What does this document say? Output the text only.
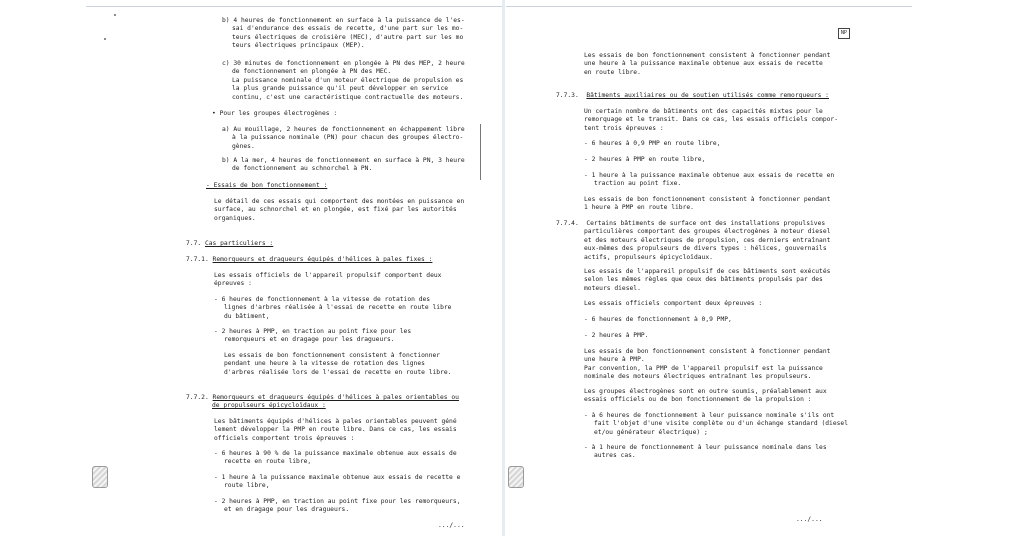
b) 4 heures de fonctionnement en surface à la puissance de l'es-
sai d'endurance des essais de recette, d'une part sur les mo-
teurs électriques de croisière (MEC), d'autre part sur les mo
teurs électriques principaux (MEP).
c) 30 minutes de fonctionnement en plongée à PN des MEP, 2 heure
de fonctionnement en plongée à PN des MEC.
La puissance nominale d'un moteur électrique de propulsion es
la plus grande puissance qu'il peut développer en service
continu, c'est une caractéristique contractuelle des moteurs.
• Pour les groupes électrogènes :
a) Au mouillage, 2 heures de fonctionnement en échappement libre
à la puissance nominale (PN) pour chacun des groupes électro-
gènes.
b) A la mer, 4 heures de fonctionnement en surface à PN, 3 heure
de fonctionnement au schnorchel à PN.
- Essais de bon fonctionnement :
Le détail de ces essais qui comportent des montées en puissance en
surface, au schnorchel et en plongée, est fixé par les autorités
organiques.
7.7. Cas particuliers :
7.7.1. Remorqueurs et dragueurs équipés d'hélices à pales fixes :
Les essais officiels de l'appareil propulsif comportent deux
épreuves :
- 6 heures de fonctionnement à la vitesse de rotation des
lignes d'arbres réalisée à l'essai de recette en route libre
du bâtiment,
- 2 heures à PMP, en traction au point fixe pour les
remorqueurs et en dragage pour les dragueurs.
Les essais de bon fonctionnement consistent à fonctionner
pendant une heure à la vitesse de rotation des lignes
d'arbres réalisée lors de l'essai de recette en route libre.
7.7.2. Remorqueurs et dragueurs équipés d'hélices à pales orientables ou
de propulseurs épicycloïdaux :
Les bâtiments équipés d'hélices à pales orientables peuvent géné
lement développer la PMP en route libre. Dans ce cas, les essais
officiels comportent trois épreuves :
- 6 heures à 90 % de la puissance maximale obtenue aux essais de
recette en route libre,
- 1 heure à la puissance maximale obtenue aux essais de recette e
route libre,
- 2 heures à PMP, en traction au point fixe pour les remorqueurs,
et en dragage pour les dragueurs.
.../...
NP
Les essais de bon fonctionnement consistent à fonctionner pendant
une heure à la puissance maximale obtenue aux essais de recette
en route libre.
7.7.3. Bâtiments auxiliaires ou de soutien utilisés comme remorqueurs :
Un certain nombre de bâtiments ont des capacités mixtes pour le
remorquage et le transit. Dans ce cas, les essais officiels compor-
tent trois épreuves :
- 6 heures à 0,9 PMP en route libre,
- 2 heures à PMP en route libre,
- 1 heure à la puissance maximale obtenue aux essais de recette en
traction au point fixe.
Les essais de bon fonctionnement consistent à fonctionner pendant
1 heure à PMP en route libre.
7.7.4. Certains bâtiments de surface ont des installations propulsives
particulières comportant des groupes électrogènes à moteur diesel
et des moteurs électriques de propulsion, ces derniers entraînant
eux-mêmes des propulseurs de divers types : hélices, gouvernails
actifs, propulseurs épicycloïdaux.
Les essais de l'appareil propulsif de ces bâtiments sont exécutés
selon les mêmes règles que ceux des bâtiments propulsés par des
moteurs diesel.
Les essais officiels comportent deux épreuves :
- 6 heures de fonctionnement à 0,9 PMP,
- 2 heures à PMP.
Les essais de bon fonctionnement consistent à fonctionner pendant
une heure à PMP.
Par convention, la PMP de l'appareil propulsif est la puissance
nominale des moteurs électriques entraînant les propulseurs.
Les groupes électrogènes sont en outre soumis, préalablement aux
essais officiels ou de bon fonctionnement de la propulsion :
- à 6 heures de fonctionnement à leur puissance nominale s'ils ont
fait l'objet d'une visite complète ou d'un échange standard (diesel
et/ou générateur électrique) ;
- à 1 heure de fonctionnement à leur puissance nominale dans les
autres cas.
.../...
